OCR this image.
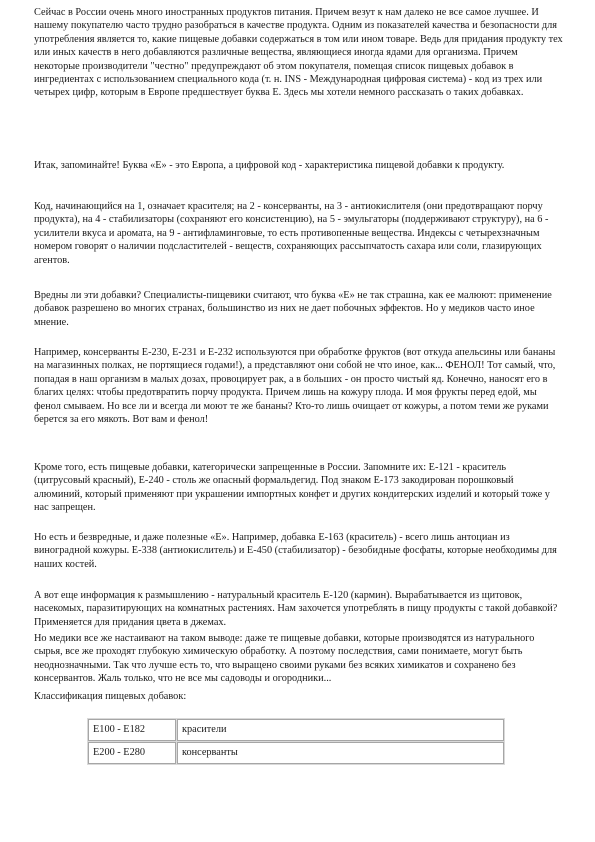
Сейчас в России очень много иностранных продуктов питания. Причем везут к нам далеко не все самое лучшее. И нашему покупателю часто трудно разобраться в качестве продукта. Одним из показателей качества и безопасности для употребления является то, какие пищевые добавки содержаться в том или ином товаре. Ведь для придания продукту тех или иных качеств в него добавляются различные вещества, являющиеся иногда ядами для организма. Причем некоторые производители "честно" предупреждают об этом покупателя, помещая список пищевых добавок в ингредиентах с использованием специального кода (т. н. INS - Международная цифровая система) - код из трех или четырех цифр, которым в Европе предшествует буква Е. Здесь мы хотели немного рассказать о таких добавках.

Итак, запоминайте! Буква «Е» - это Европа, а цифровой код - характеристика пищевой добавки к продукту.

Код, начинающийся на 1, означает красителя; на 2 - консерванты, на 3 - антиокислителя (они предотвращают порчу продукта), на 4 - стабилизаторы (сохраняют его консистенцию), на 5 - эмульгаторы (поддерживают структуру), на 6 - усилители вкуса и аромата, на 9 - антифламинговые, то есть противопенные вещества. Индексы с четырехзначным номером говорят о наличии подсластителей - веществ, сохраняющих рассыпчатость сахара или соли, глазирующих агентов.

Вредны ли эти добавки? Специалисты-пищевики считают, что буква «Е» не так страшна, как ее малюют: применение добавок разрешено во многих странах, большинство из них не дает побочных эффектов. Но у медиков часто иное мнение.

Например, консерванты Е-230, Е-231 и Е-232 используются при обработке фруктов (вот откуда апельсины или бананы на магазинных полках, не портящиеся годами!), а представляют они собой не что иное, как... ФЕНОЛ! Тот самый, что, попадая в наш организм в малых дозах, провоцирует рак, а в больших - он просто чистый яд. Конечно, наносят его в благих целях: чтобы предотвратить порчу продукта. Причем лишь на кожуру плода. И моя фрукты перед едой, мы фенол смываем. Но все ли и всегда ли моют те же бананы? Кто-то лишь очищает от кожуры, а потом теми же руками берется за его мякоть. Вот вам и фенол!

Кроме того, есть пищевые добавки, категорически запрещенные в России. Запомните их: Е-121 - краситель (цитрусовый красный), Е-240 - столь же опасный формальдегид. Под знаком Е-173 закодирован порошковый алюминий, который применяют при украшении импортных конфет и других кондитерских изделий и который тоже у нас запрещен.

Но есть и безвредные, и даже полезные «Е». Например, добавка Е-163 (краситель) - всего лишь антоциан из виноградной кожуры. Е-338 (антиокислитель) и Е-450 (стабилизатор) - безобидные фосфаты, которые необходимы для наших костей.

А вот еще информация к размышлению - натуральный краситель Е-120 (кармин). Вырабатывается из щитовок, насекомых, паразитирующих на комнатных растениях. Нам захочется употреблять в пищу продукты с такой добавкой? Применяется для придания цвета в джемах.

Но медики все же настаивают на таком выводе: даже те пищевые добавки, которые производятся из натурального сырья, все же проходят глубокую химическую обработку. А поэтому последствия, сами понимаете, могут быть неоднозначными. Так что лучше есть то, что выращено своими руками без всяких химикатов и сохранено без консервантов. Жаль только, что не все мы садоводы и огородники...

Классификация пищевых добавок:

Е100 - Е182	красители
Е200 - Е280	консерванты
